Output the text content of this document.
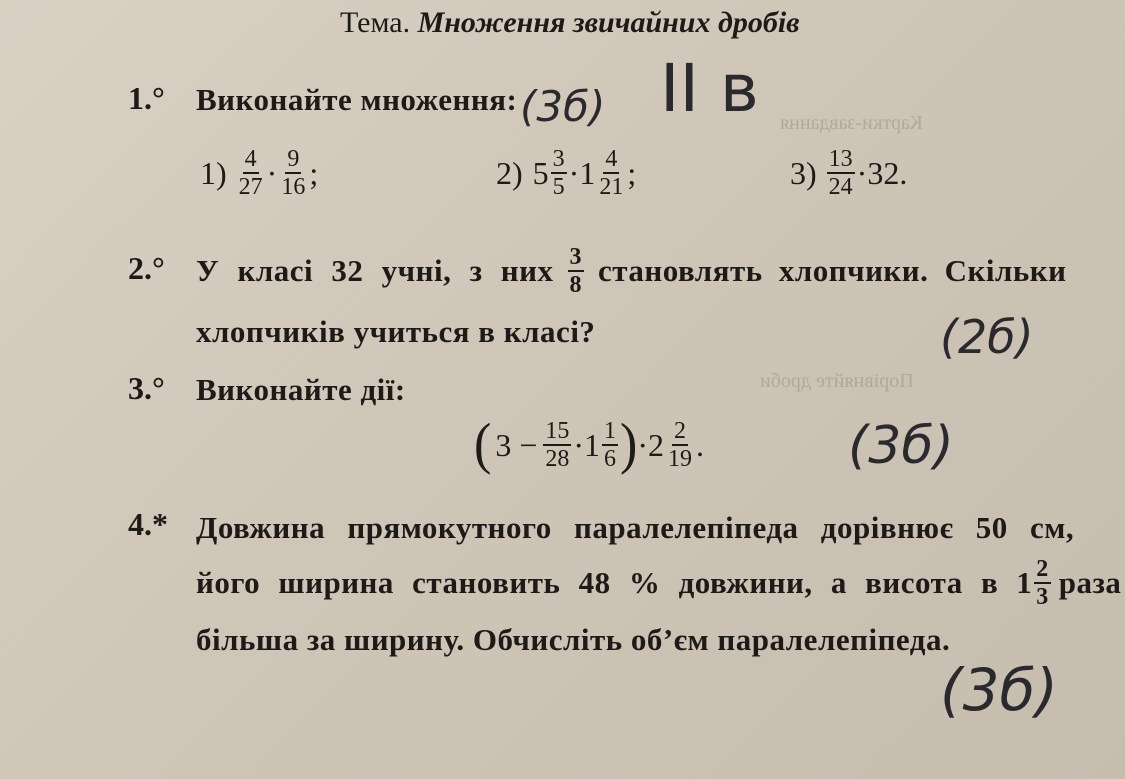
Картки-завдання
Порівняйте дроби
Тема. Множення звичайних дробів
1.° Виконайте множення:
$1) \frac{4}{27} \cdot \frac{9}{16}$ ;	2) $5 \frac{3}{5} \cdot 1 \frac{4}{21}$ ;	$3) \frac{13}{24} \cdot 32$ .
2.° У класі 32 учні, з них $\frac{3}{8}$ становлять хлопчики. Скільки
хлопчиків учиться в класі?
3.° Виконайте дії:
( $3 - \frac{15}{28} \cdot 1 \frac{1}{6}$ ) · $2 \frac{2}{19}$ .
4.* Довжина прямокутного паралелепіпеда дорівнює 50 см,
його ширина становить 48 % довжини, а висота в $1 \frac{2}{3}$ раза
більша за ширину. Обчисліть об’єм паралелепіпеда.
(3б) II в
(2б)
(3б)
(3б)
